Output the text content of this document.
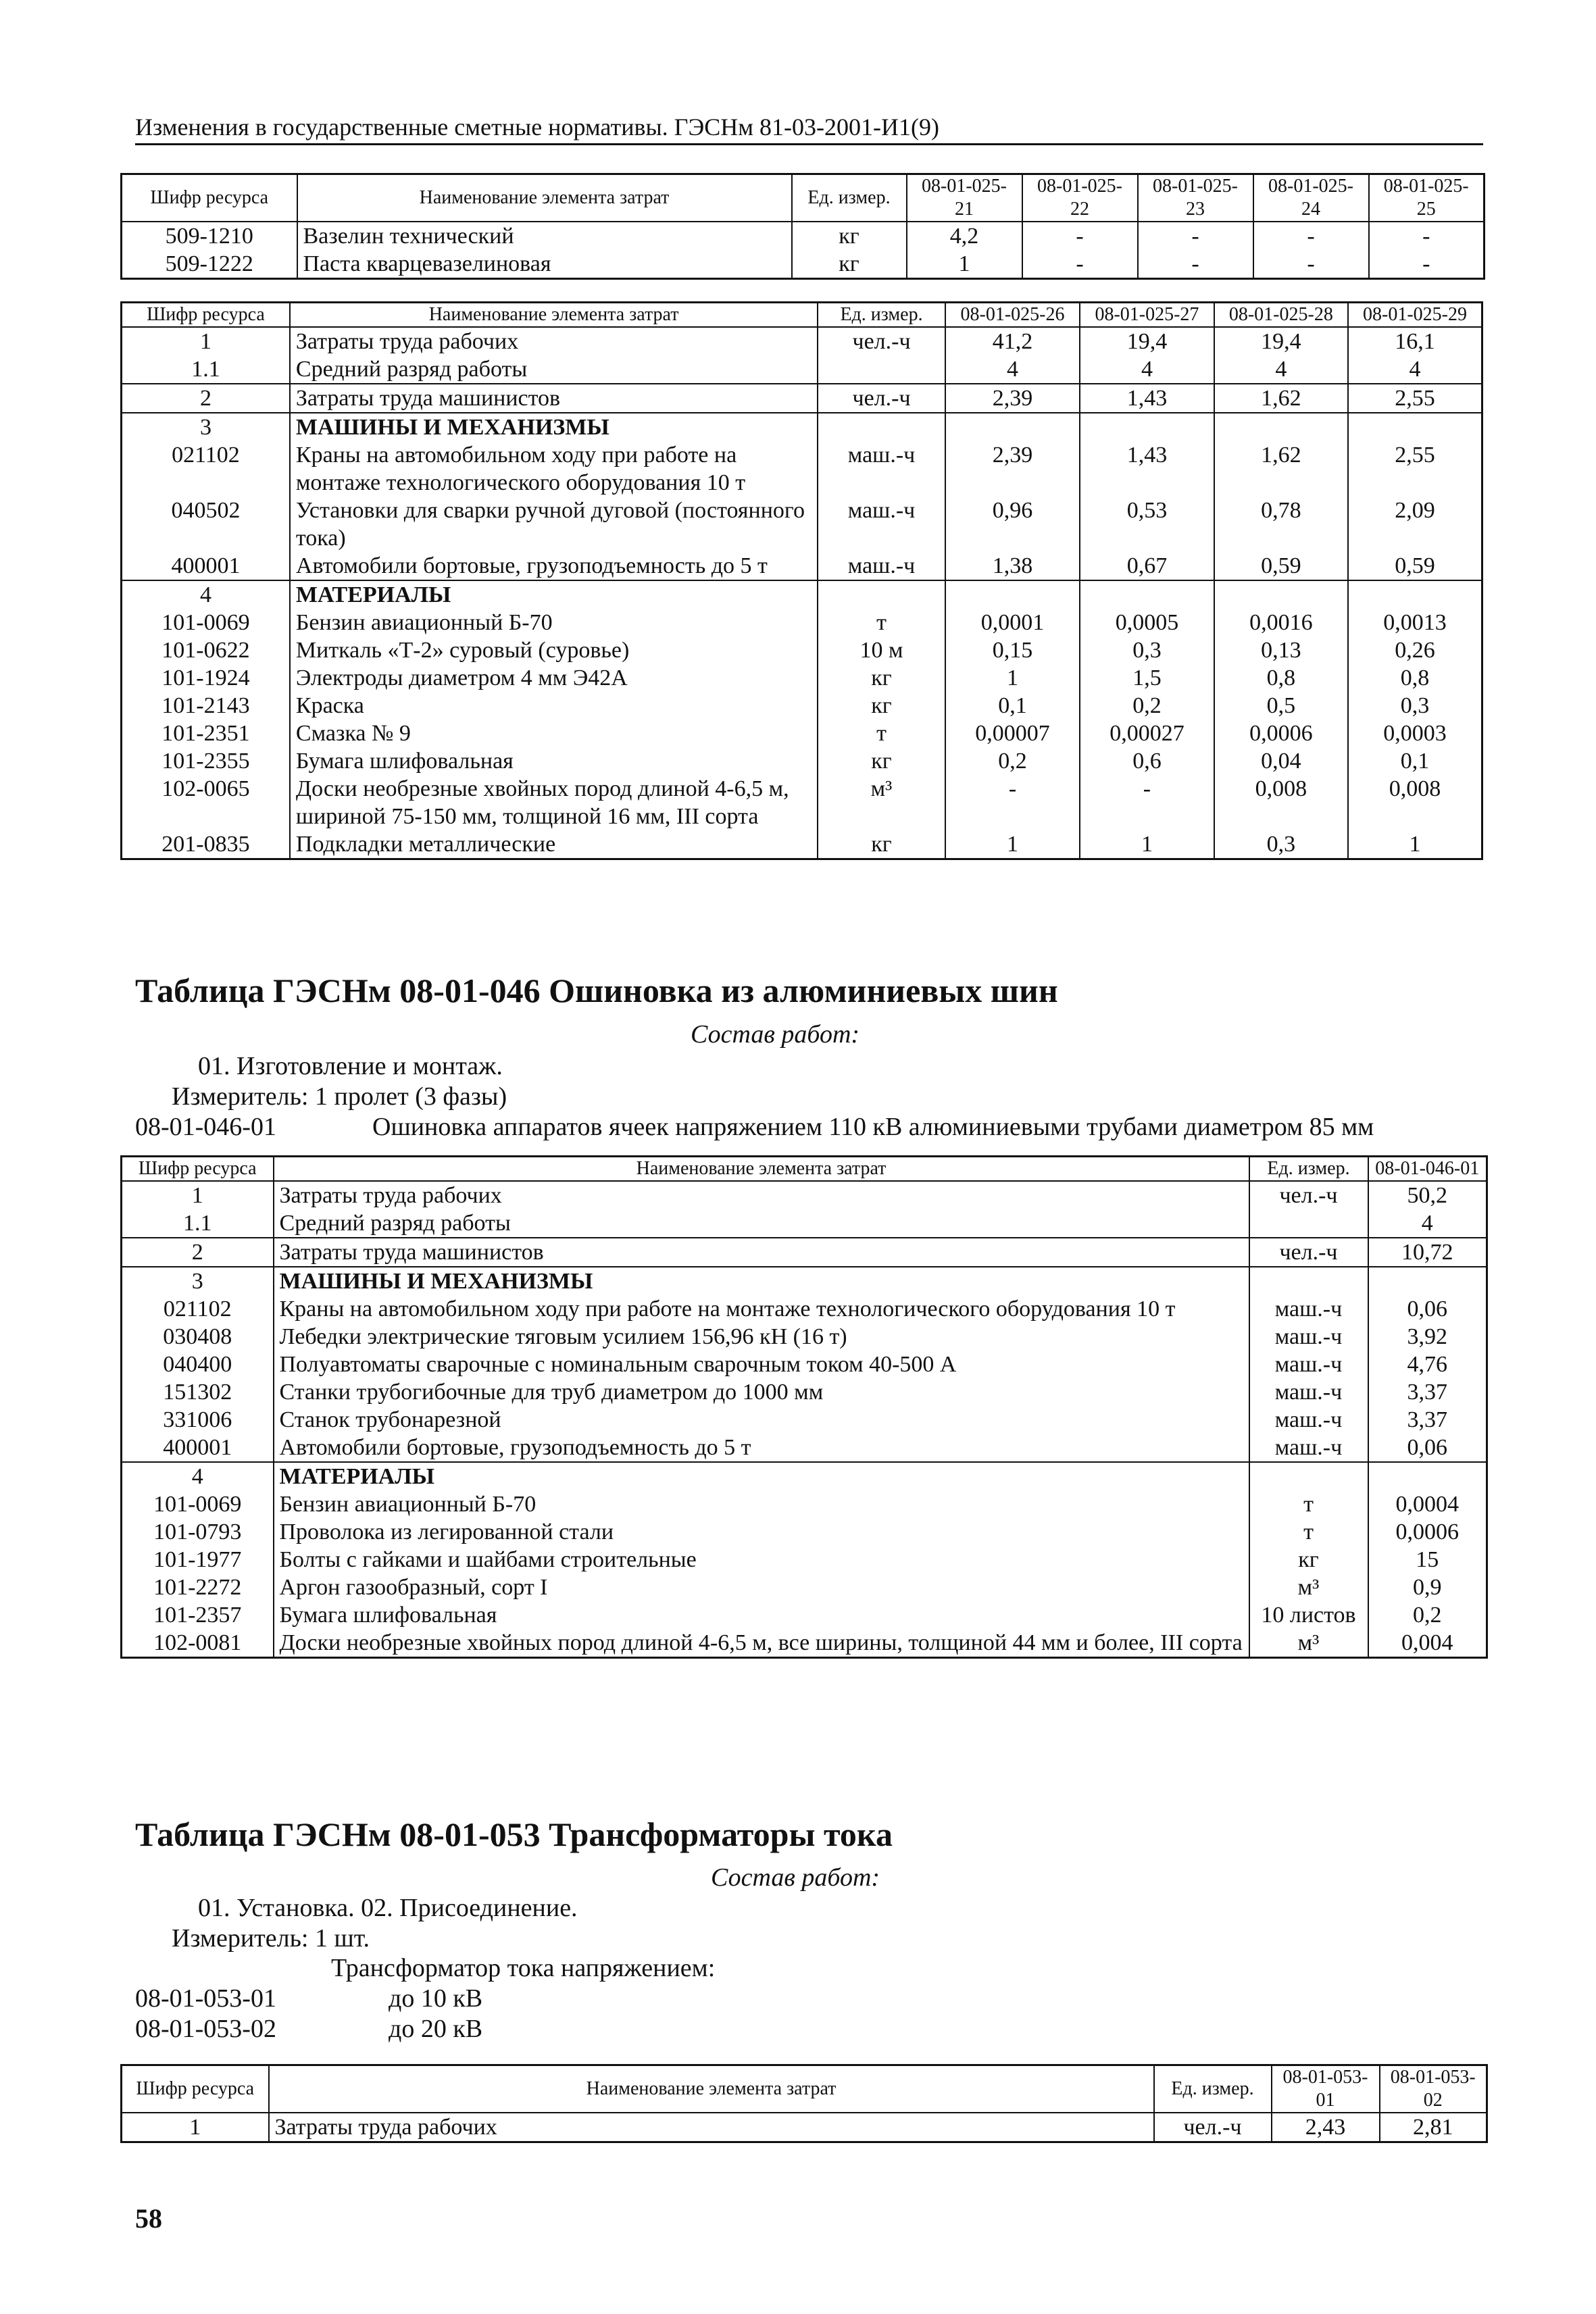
Изменения в государственные сметные нормативы. ГЭСНм 81-03-2001-И1(9)
Шифр ресурса	Наименование элемента затрат	Ед. измер.	08-01-025-21	08-01-025-22	08-01-025-23	08-01-025-24	08-01-025-25
509-1210	Вазелин технический	кг	4,2	-	-	-	-
509-1222	Паста кварцевазелиновая	кг	1	-	-	-	-
Шифр ресурса	Наименование элемента затрат	Ед. измер.	08-01-025-26	08-01-025-27	08-01-025-28	08-01-025-29
1	Затраты труда рабочих	чел.-ч	41,2	19,4	19,4	16,1
1.1	Средний разряд работы		4	4	4	4
2	Затраты труда машинистов	чел.-ч	2,39	1,43	1,62	2,55
3	МАШИНЫ И МЕХАНИЗМЫ					
021102	Краны на автомобильном ходу при работе на монтаже технологического оборудования 10 т	маш.-ч	2,39	1,43	1,62	2,55
040502	Установки для сварки ручной дуговой (постоянного тока)	маш.-ч	0,96	0,53	0,78	2,09
400001	Автомобили бортовые, грузоподъемность до 5 т	маш.-ч	1,38	0,67	0,59	0,59
4	МАТЕРИАЛЫ					
101-0069	Бензин авиационный Б-70	т	0,0001	0,0005	0,0016	0,0013
101-0622	Миткаль «Т-2» суровый (суровье)	10 м	0,15	0,3	0,13	0,26
101-1924	Электроды диаметром 4 мм Э42А	кг	1	1,5	0,8	0,8
101-2143	Краска	кг	0,1	0,2	0,5	0,3
101-2351	Смазка № 9	т	0,00007	0,00027	0,0006	0,0003
101-2355	Бумага шлифовальная	кг	0,2	0,6	0,04	0,1
102-0065	Доски необрезные хвойных пород длиной 4-6,5 м, шириной 75-150 мм, толщиной 16 мм, III сорта	м³	-	-	0,008	0,008
201-0835	Подкладки металлические	кг	1	1	0,3	1
Таблица ГЭСНм 08-01-046 Ошиновка из алюминиевых шин
Состав работ:
01. Изготовление и монтаж.
Измеритель: 1 пролет (3 фазы)
08-01-046-01	Ошиновка аппаратов ячеек напряжением 110 кВ алюминиевыми трубами диаметром 85 мм
Шифр ресурса	Наименование элемента затрат	Ед. измер.	08-01-046-01
1	Затраты труда рабочих	чел.-ч	50,2
1.1	Средний разряд работы		4
2	Затраты труда машинистов	чел.-ч	10,72
3	МАШИНЫ И МЕХАНИЗМЫ		
021102	Краны на автомобильном ходу при работе на монтаже технологического оборудования 10 т	маш.-ч	0,06
030408	Лебедки электрические тяговым усилием 156,96 кН (16 т)	маш.-ч	3,92
040400	Полуавтоматы сварочные с номинальным сварочным током 40-500 А	маш.-ч	4,76
151302	Станки трубогибочные для труб диаметром до 1000 мм	маш.-ч	3,37
331006	Станок трубонарезной	маш.-ч	3,37
400001	Автомобили бортовые, грузоподъемность до 5 т	маш.-ч	0,06
4	МАТЕРИАЛЫ		
101-0069	Бензин авиационный Б-70	т	0,0004
101-0793	Проволока из легированной стали	т	0,0006
101-1977	Болты с гайками и шайбами строительные	кг	15
101-2272	Аргон газообразный, сорт I	м³	0,9
101-2357	Бумага шлифовальная	10 листов	0,2
102-0081	Доски необрезные хвойных пород длиной 4-6,5 м, все ширины, толщиной 44 мм и более, III сорта	м³	0,004
Таблица ГЭСНм 08-01-053 Трансформаторы тока
Состав работ:
01. Установка. 02. Присоединение.
Измеритель: 1 шт.
Трансформатор тока напряжением:
08-01-053-01	до 10 кВ
08-01-053-02	до 20 кВ
Шифр ресурса	Наименование элемента затрат	Ед. измер.	08-01-053-01	08-01-053-02
1	Затраты труда рабочих	чел.-ч	2,43	2,81
58
